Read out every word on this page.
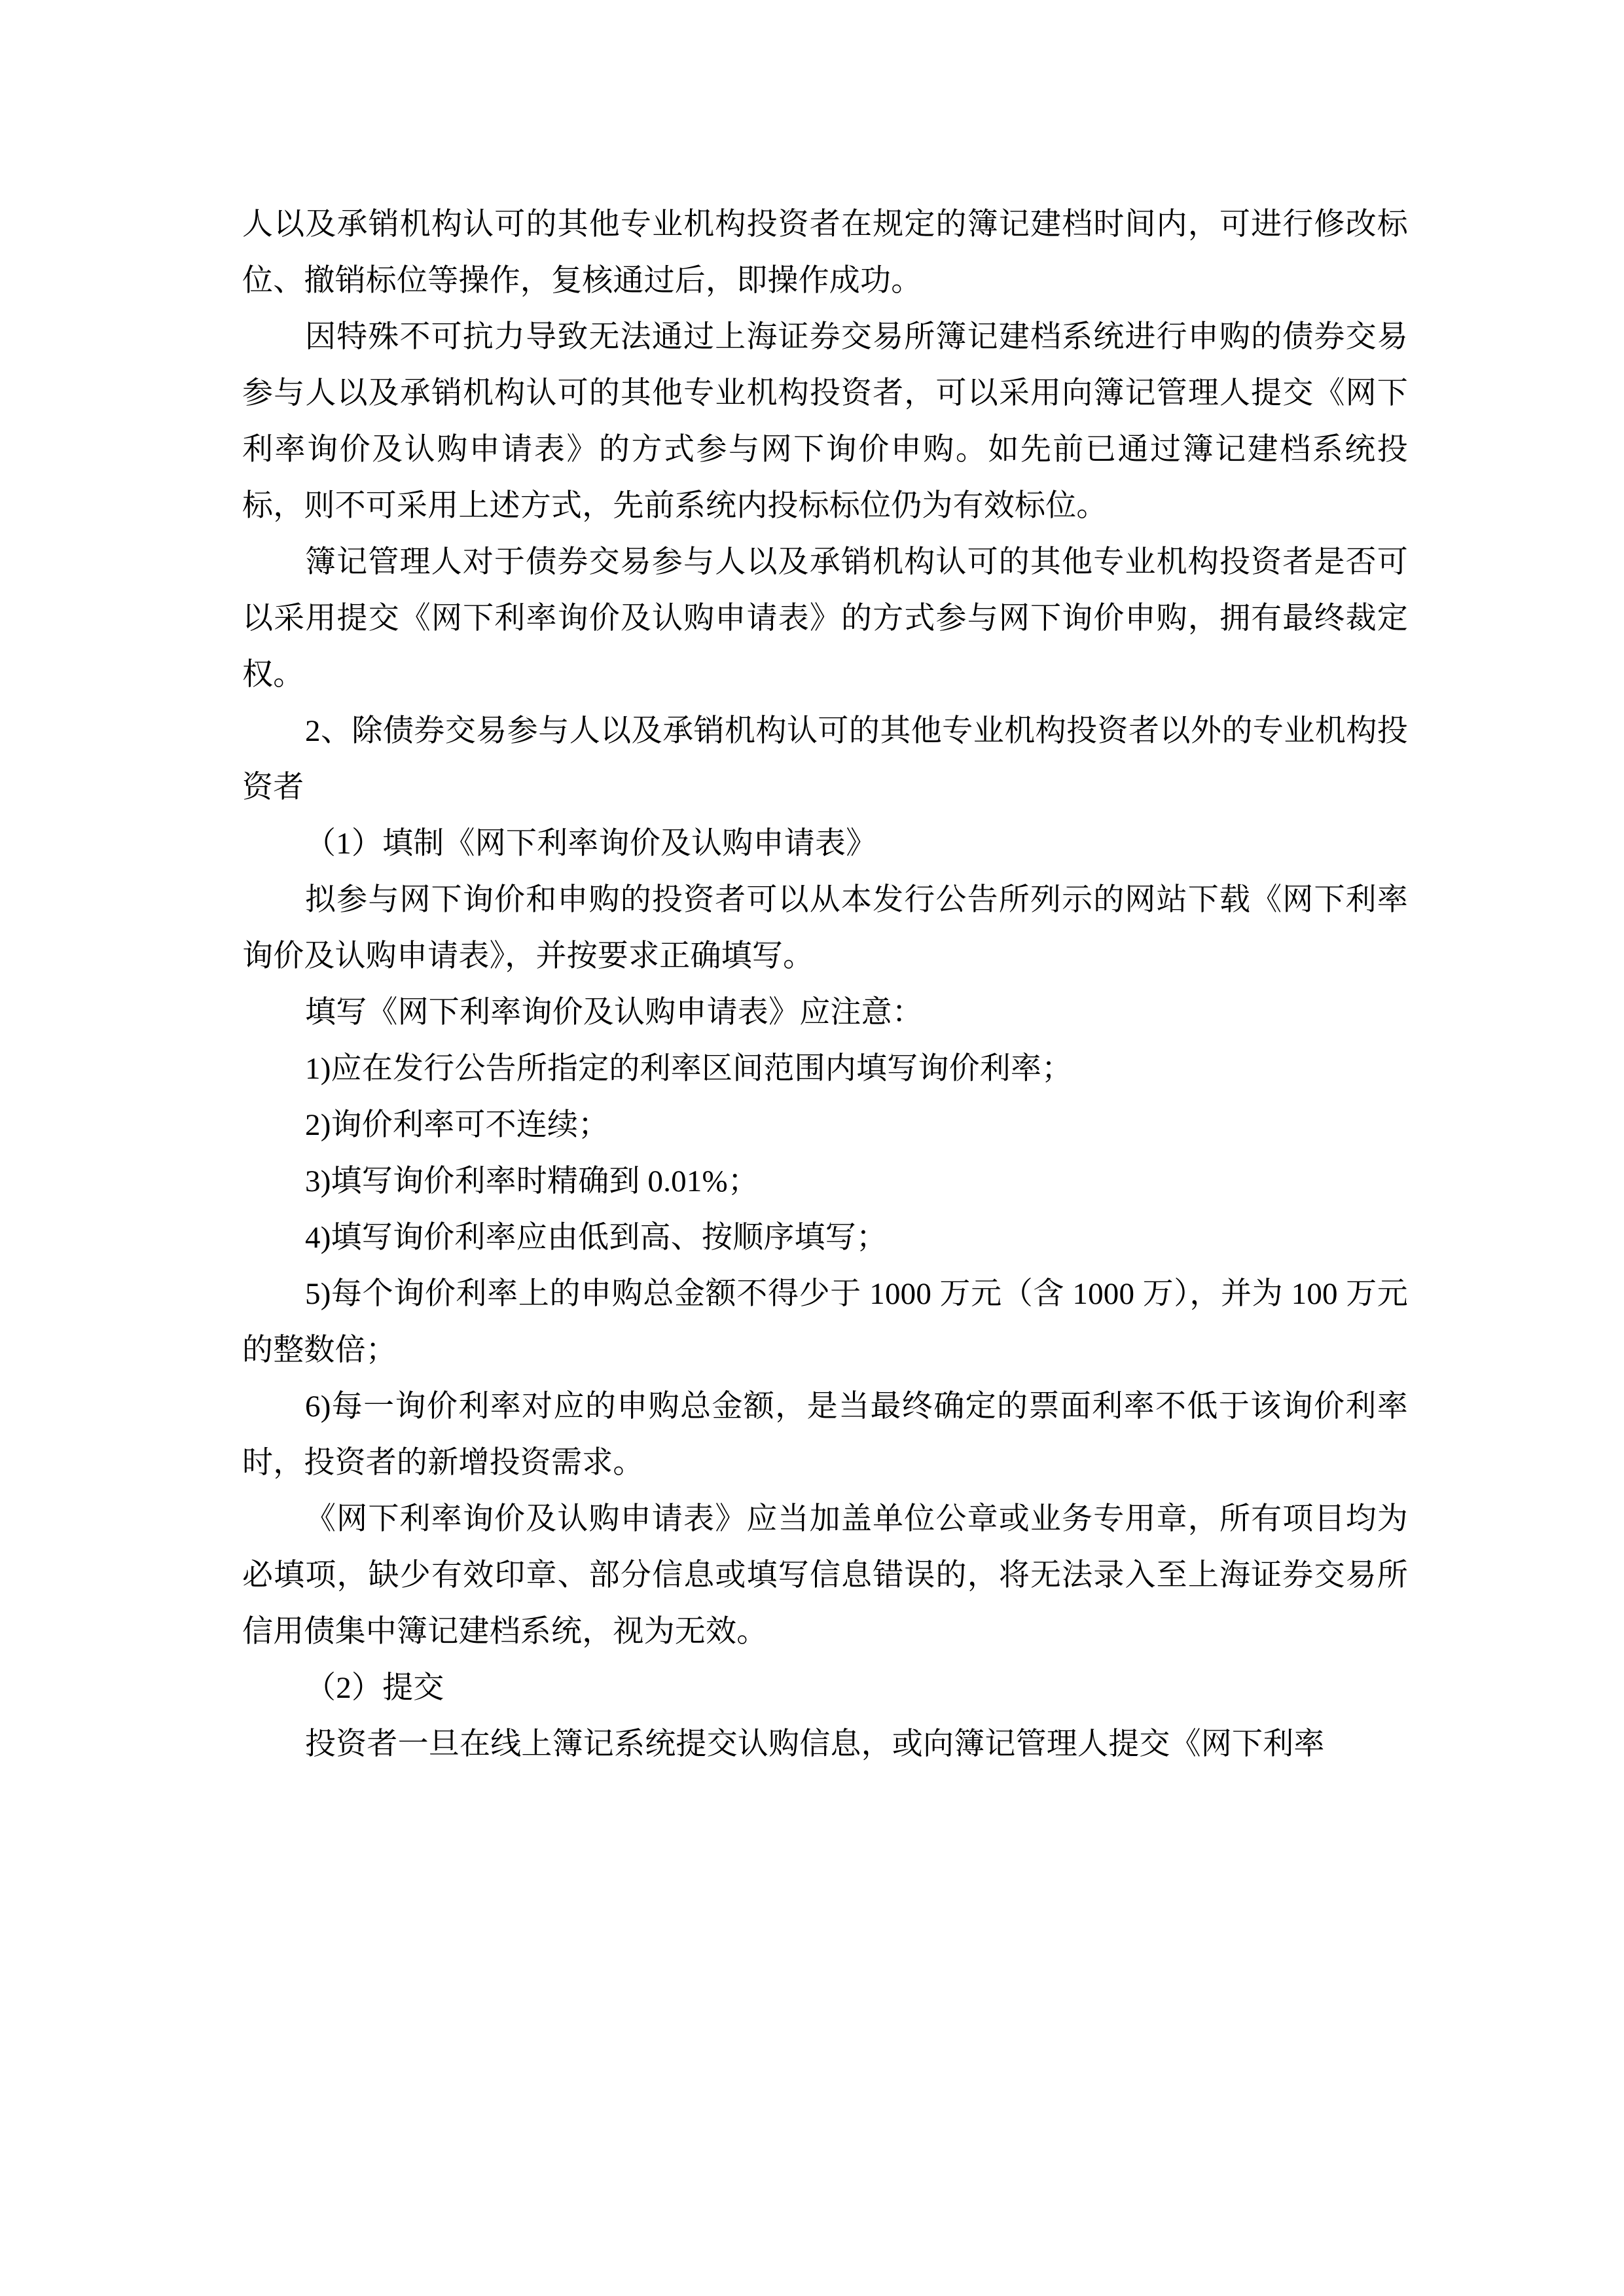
人以及承销机构认可的其他专业机构投资者在规定的簿记建档时间内，可进行修改标位、撤销标位等操作，复核通过后，即操作成功。

因特殊不可抗力导致无法通过上海证券交易所簿记建档系统进行申购的债券交易参与人以及承销机构认可的其他专业机构投资者，可以采用向簿记管理人提交《网下利率询价及认购申请表》的方式参与网下询价申购。如先前已通过簿记建档系统投标，则不可采用上述方式，先前系统内投标标位仍为有效标位。

簿记管理人对于债券交易参与人以及承销机构认可的其他专业机构投资者是否可以采用提交《网下利率询价及认购申请表》的方式参与网下询价申购，拥有最终裁定权。

2、除债券交易参与人以及承销机构认可的其他专业机构投资者以外的专业机构投资者

（1）填制《网下利率询价及认购申请表》

拟参与网下询价和申购的投资者可以从本发行公告所列示的网站下载《网下利率询价及认购申请表》，并按要求正确填写。

填写《网下利率询价及认购申请表》应注意：

1)应在发行公告所指定的利率区间范围内填写询价利率；

2)询价利率可不连续；

3)填写询价利率时精确到 0.01%；

4)填写询价利率应由低到高、按顺序填写；

5)每个询价利率上的申购总金额不得少于 1000 万元（含 1000 万），并为 100 万元的整数倍；

6)每一询价利率对应的申购总金额，是当最终确定的票面利率不低于该询价利率时，投资者的新增投资需求。

《网下利率询价及认购申请表》应当加盖单位公章或业务专用章，所有项目均为必填项，缺少有效印章、部分信息或填写信息错误的，将无法录入至上海证券交易所信用债集中簿记建档系统，视为无效。

（2）提交

投资者一旦在线上簿记系统提交认购信息，或向簿记管理人提交《网下利率
